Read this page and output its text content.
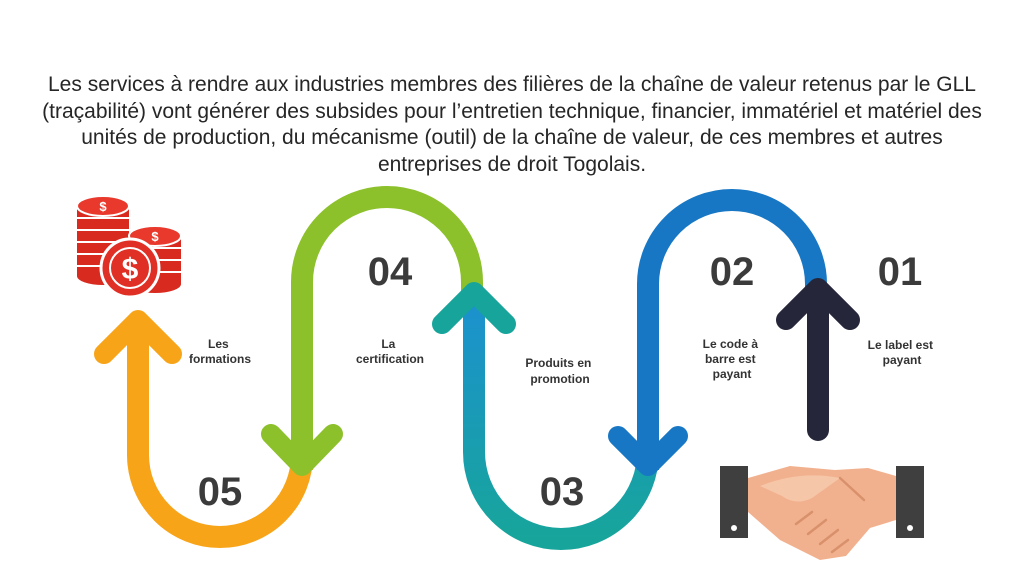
Les services à rendre aux industries membres des filières de la chaîne de valeur retenus par le GLL (traçabilité) vont générer des subsides pour l’entretien technique, financier, immatériel et matériel des unités de production, du mécanisme (outil) de la chaîne de valeur, de ces membres et autres entreprises de droit Togolais.

01
02
03
04
05
Le label est payant
Le code à barre est payant
Produits en promotion
La certification
Les formations
$
$
$
